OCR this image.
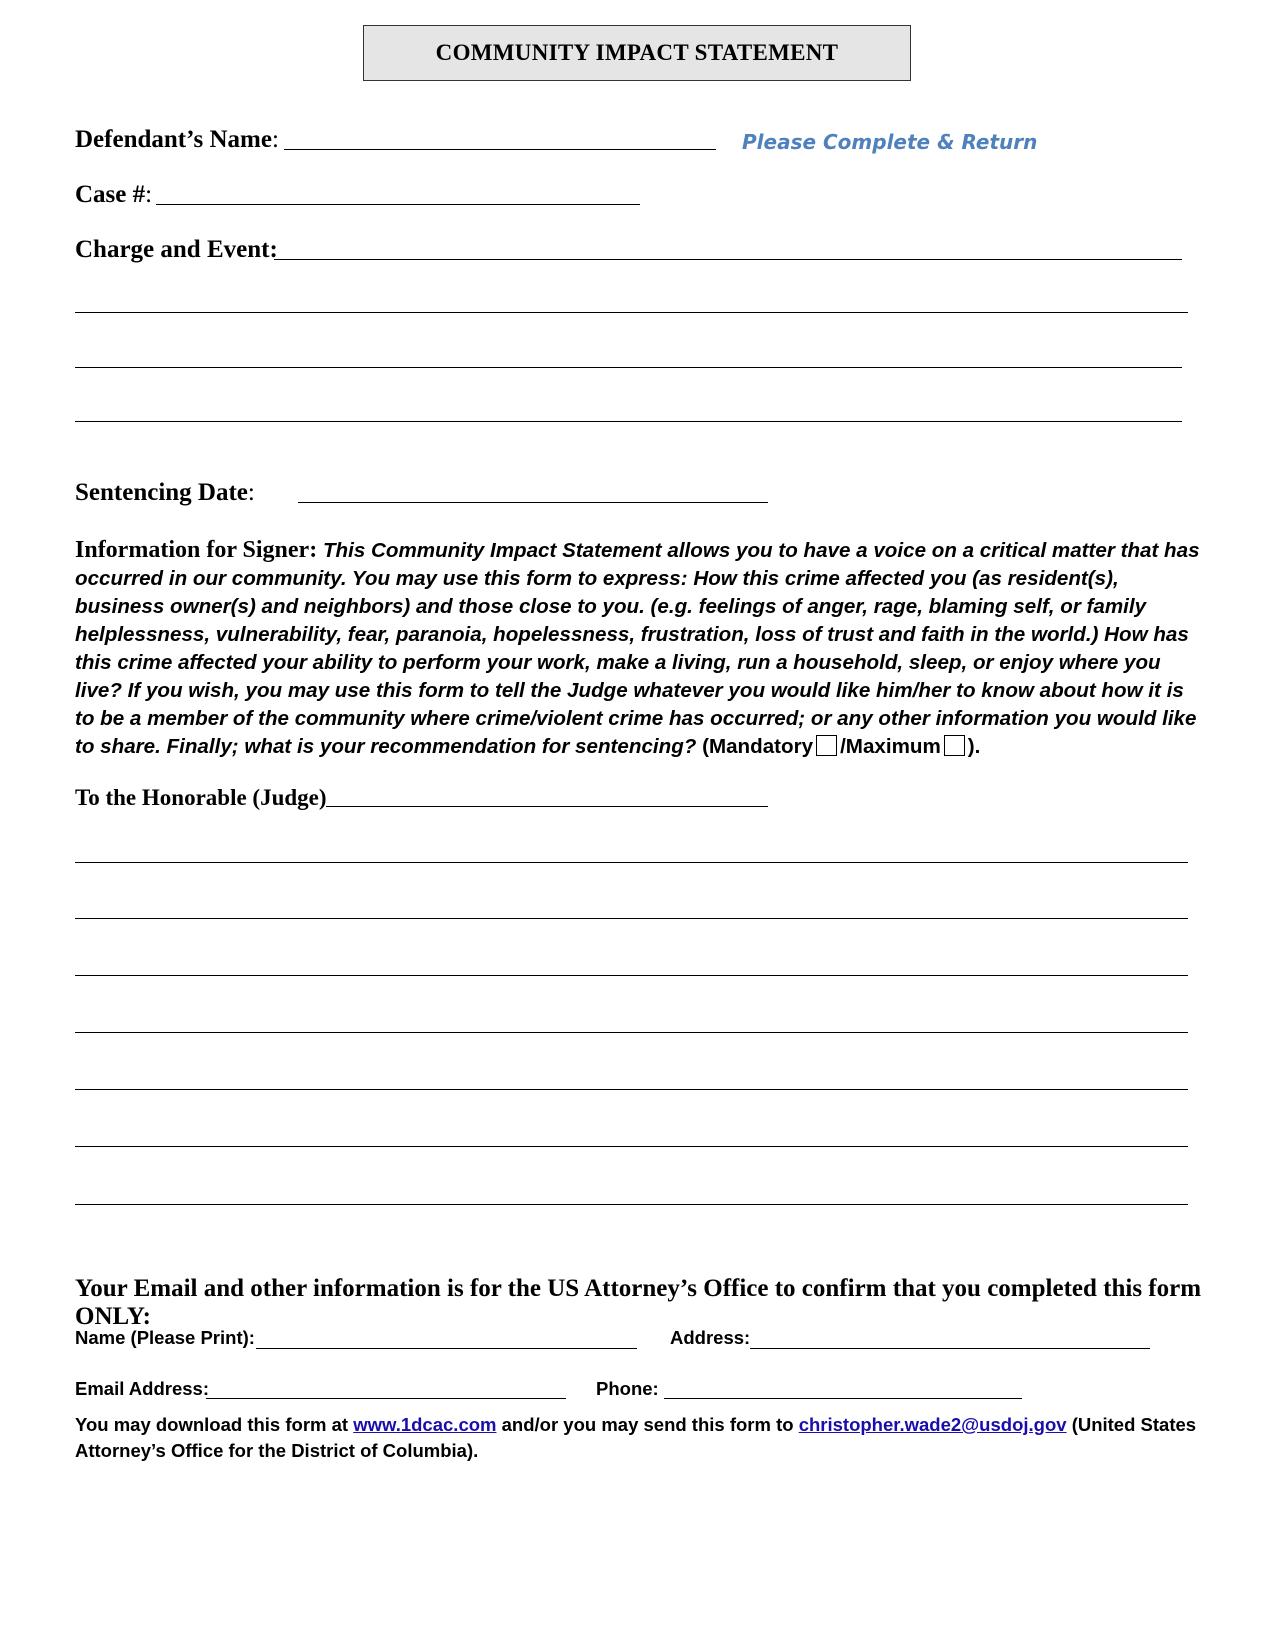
COMMUNITY IMPACT STATEMENT
Defendant’s Name:	Please Complete & Return
Case #:
Charge and Event:
Sentencing Date:
Information for Signer: This Community Impact Statement allows you to have a voice on a critical matter that has occurred in our community. You may use this form to express: How this crime affected you (as resident(s), business owner(s) and neighbors) and those close to you. (e.g. feelings of anger, rage, blaming self, or family helplessness, vulnerability, fear, paranoia, hopelessness, frustration, loss of trust and faith in the world.) How has this crime affected your ability to perform your work, make a living, run a household, sleep, or enjoy where you live? If you wish, you may use this form to tell the Judge whatever you would like him/her to know about how it is to be a member of the community where crime/violent crime has occurred; or any other information you would like to share. Finally; what is your recommendation for sentencing? (Mandatory /Maximum ).
To the Honorable (Judge)
Your Email and other information is for the US Attorney’s Office to confirm that you completed this form ONLY:
Name (Please Print):	Address:
Email Address:	Phone:
You may download this form at www.1dcac.com and/or you may send this form to christopher.wade2@usdoj.gov (United States Attorney’s Office for the District of Columbia).
